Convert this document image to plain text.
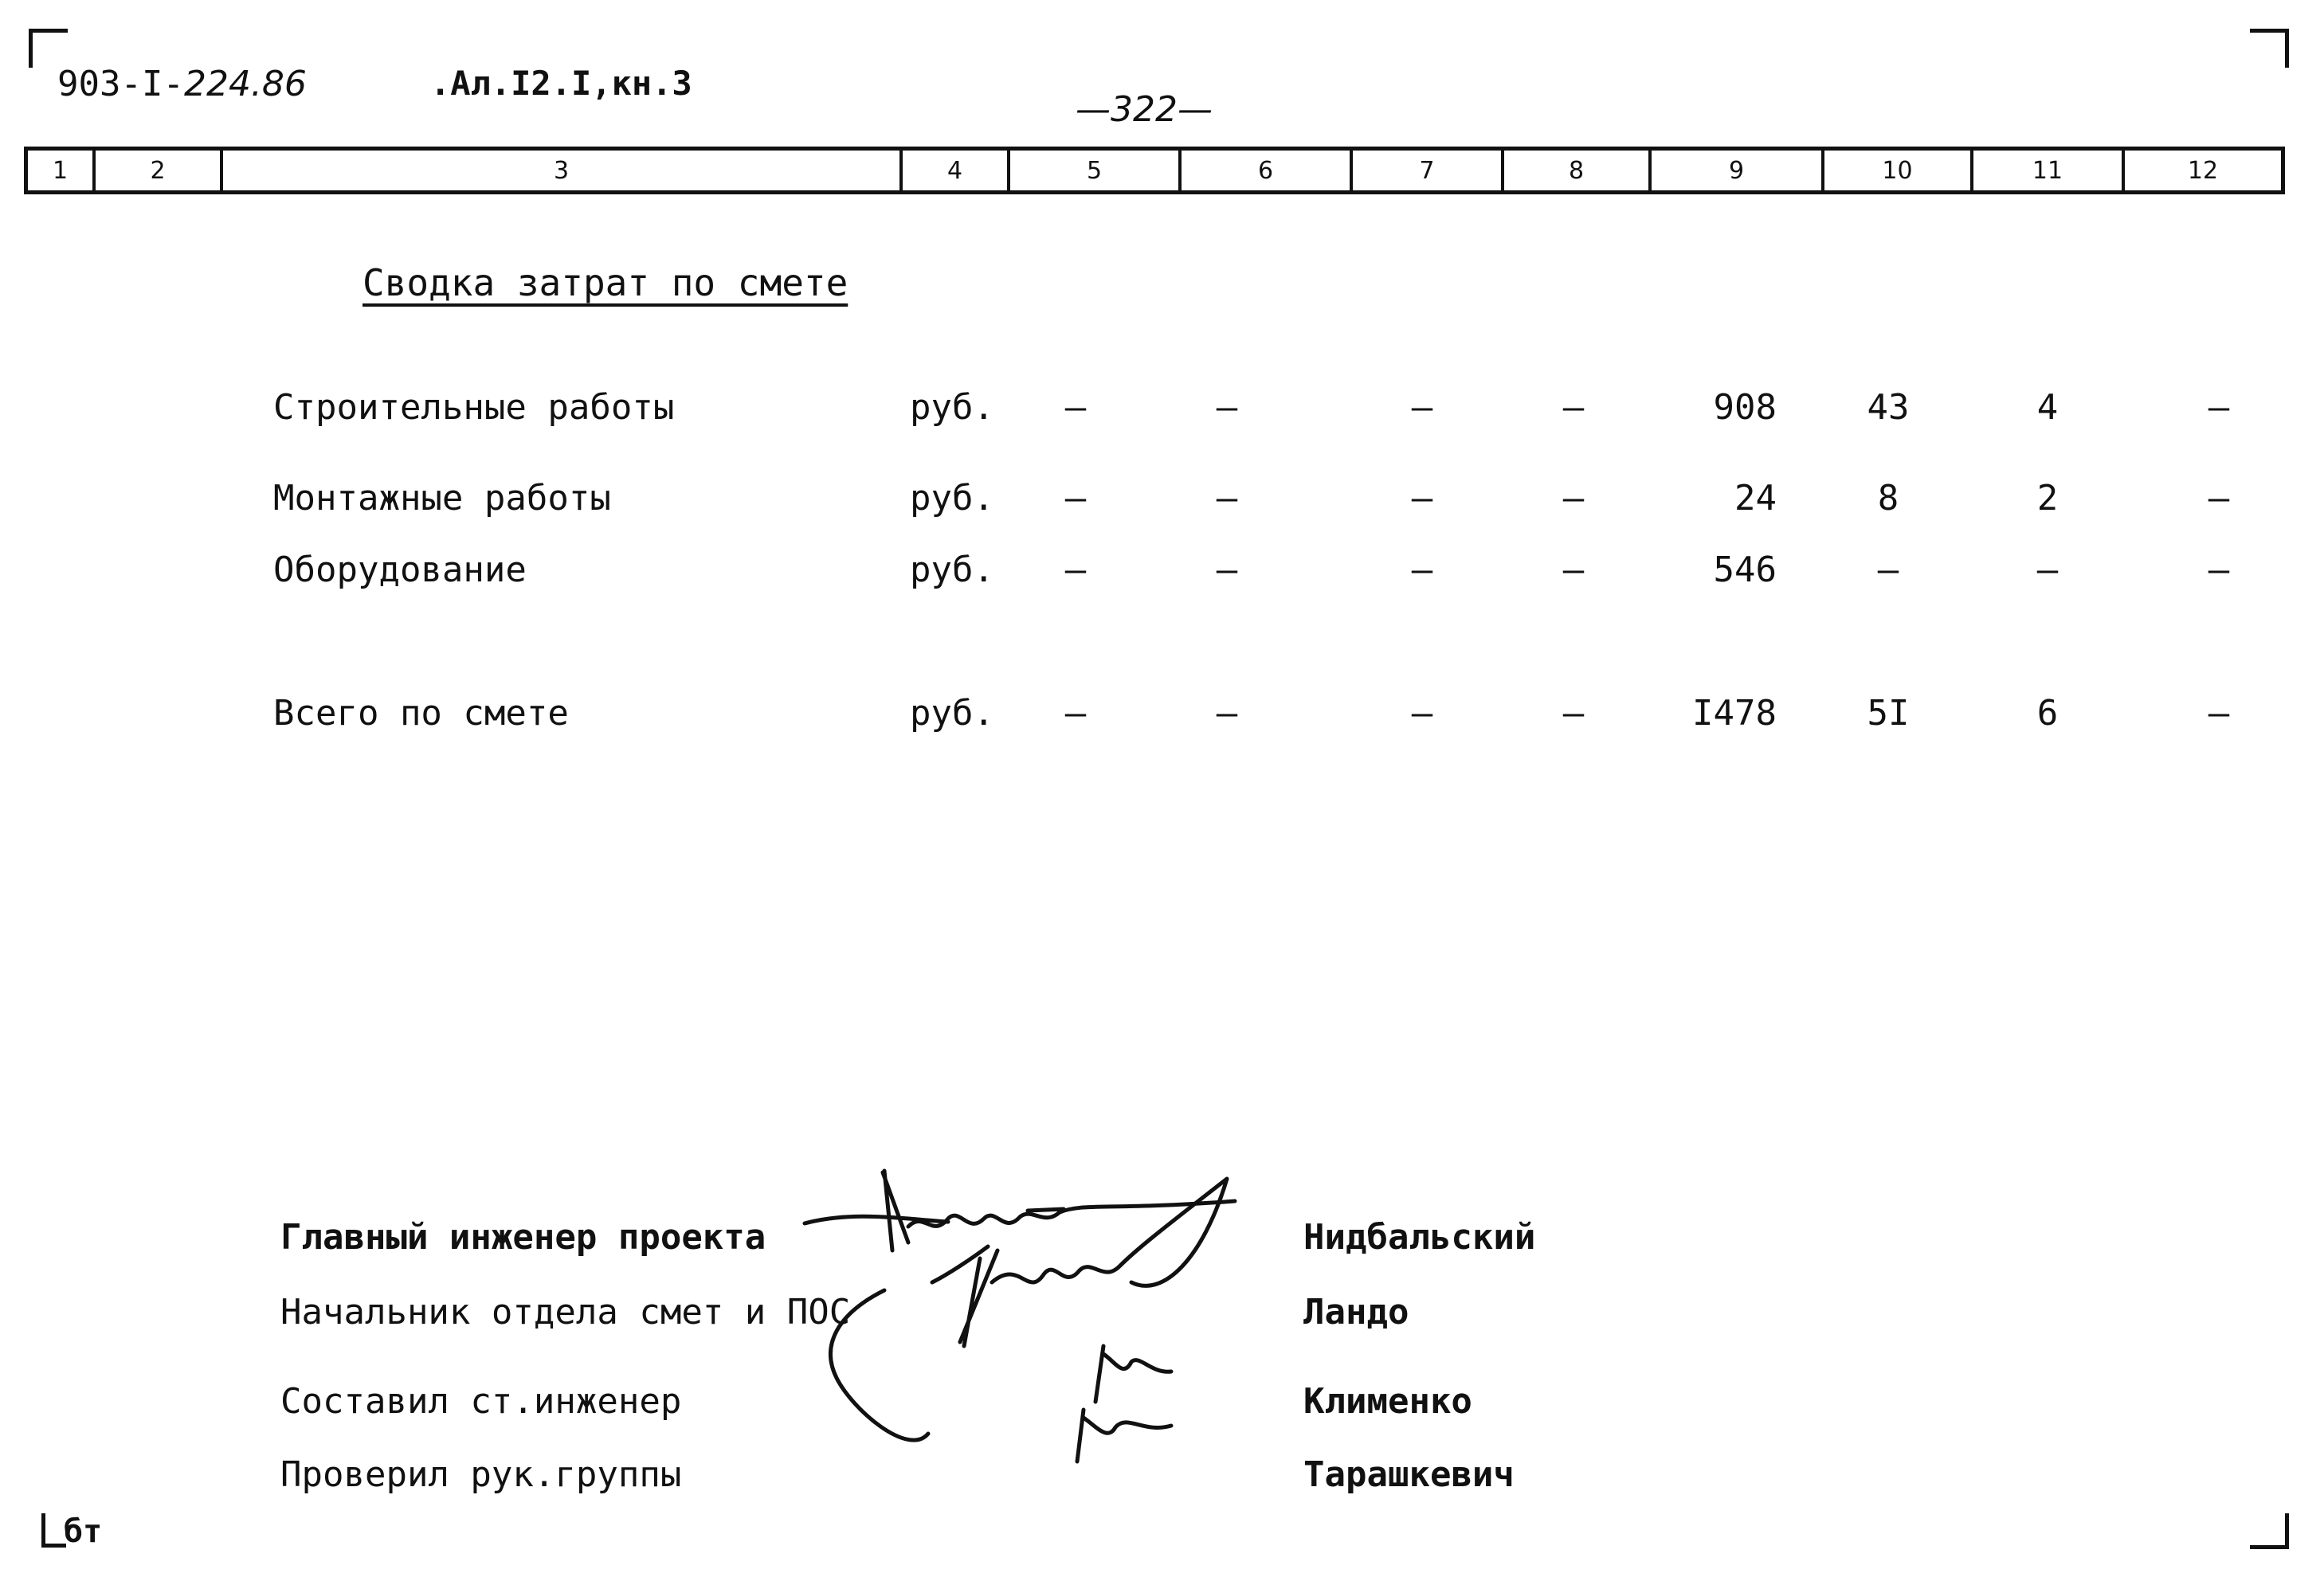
903-I-224.86	.Ал.I2.I,кн.3
—322—
1	2	3	4	5	6	7	8	9	10	11	12
Сводка затрат по смете
Строительные работы	руб.	–	–	–	–	908	43	4	–
Монтажные работы	руб.	–	–	–	–	24	8	2	–
Оборудование	руб.	–	–	–	–	546	–	–	–
Всего по смете	руб.	–	–	–	–	I478	5I	6	–
Главный инженер проекта	Нидбальский
Начальник отдела смет и ПОС	Ландо
Составил ст.инженер	Клименко
Проверил рук.группы	Тарашкевич
бт
